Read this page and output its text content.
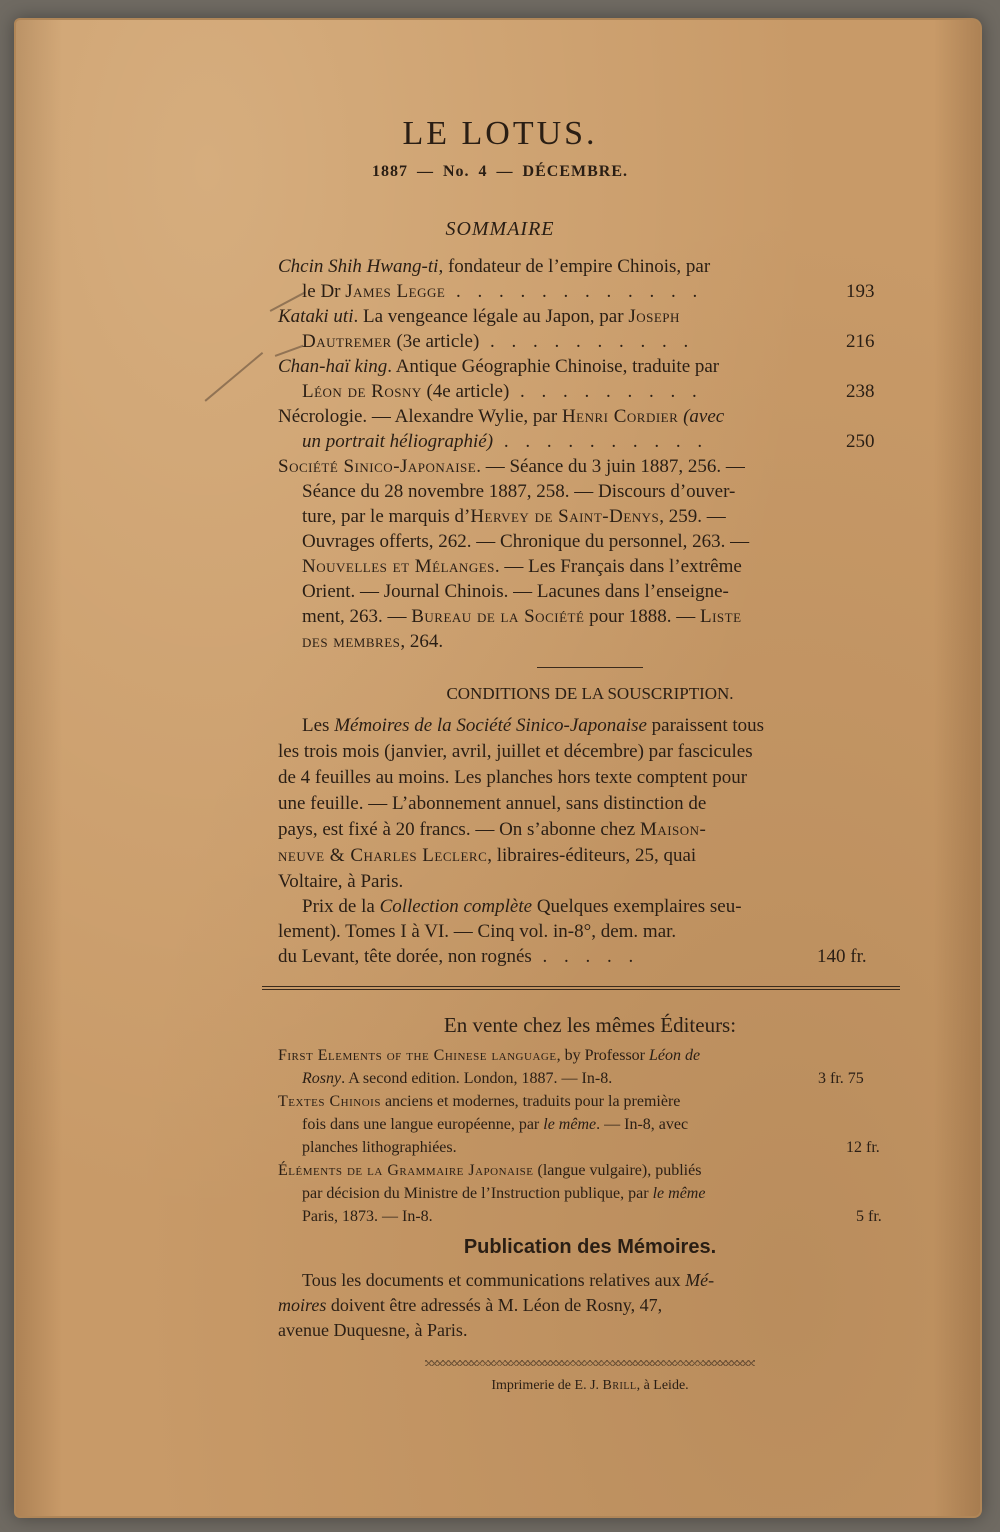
LE LOTUS.
1887 — No. 4 — DÉCEMBRE.
SOMMAIRE
Chcin Shih Hwang-ti, fondateur de l’empire Chinois, par
le Dr James Legge . . . . . . . . . . . .	193
Kataki uti. La vengeance légale au Japon, par Joseph
Dautremer (3e article) . . . . . . . . . .	216
Chan-haï king. Antique Géographie Chinoise, traduite par
Léon de Rosny (4e article) . . . . . . . . .	238
Nécrologie. — Alexandre Wylie, par Henri Cordier (avec
un portrait héliographié) . . . . . . . . . .	250
Société Sinico-Japonaise. — Séance du 3 juin 1887, 256. —
Séance du 28 novembre 1887, 258. — Discours d’ouver-
ture, par le marquis d’Hervey de Saint-Denys, 259. —
Ouvrages offerts, 262. — Chronique du personnel, 263. —
Nouvelles et Mélanges. — Les Français dans l’extrême
Orient. — Journal Chinois. — Lacunes dans l’enseigne-
ment, 263. — Bureau de la Société pour 1888. — Liste
des membres, 264.
CONDITIONS DE LA SOUSCRIPTION.
Les Mémoires de la Société Sinico-Japonaise paraissent tous
les trois mois (janvier, avril, juillet et décembre) par fascicules
de 4 feuilles au moins. Les planches hors texte comptent pour
une feuille. — L’abonnement annuel, sans distinction de
pays, est fixé à 20 francs. — On s’abonne chez Maison-
neuve & Charles Leclerc, libraires-éditeurs, 25, quai
Voltaire, à Paris.
Prix de la Collection complète Quelques exemplaires seu-
lement). Tomes I à VI. — Cinq vol. in-8°, dem. mar.
du Levant, tête dorée, non rognés . . . . .	140 fr.
En vente chez les mêmes Éditeurs:
First Elements of the Chinese language, by Professor Léon de
Rosny. A second edition. London, 1887. — In-8.	3 fr. 75
Textes Chinois anciens et modernes, traduits pour la première
fois dans une langue européenne, par le même. — In-8, avec
planches lithographiées.	12 fr.
Éléments de la Grammaire Japonaise (langue vulgaire), publiés
par décision du Ministre de l’Instruction publique, par le même
Paris, 1873. — In-8.	5 fr.
Publication des Mémoires.
Tous les documents et communications relatives aux Mé-
moires doivent être adressés à M. Léon de Rosny, 47,
avenue Duquesne, à Paris.
Imprimerie de E. J. Brill, à Leide.
